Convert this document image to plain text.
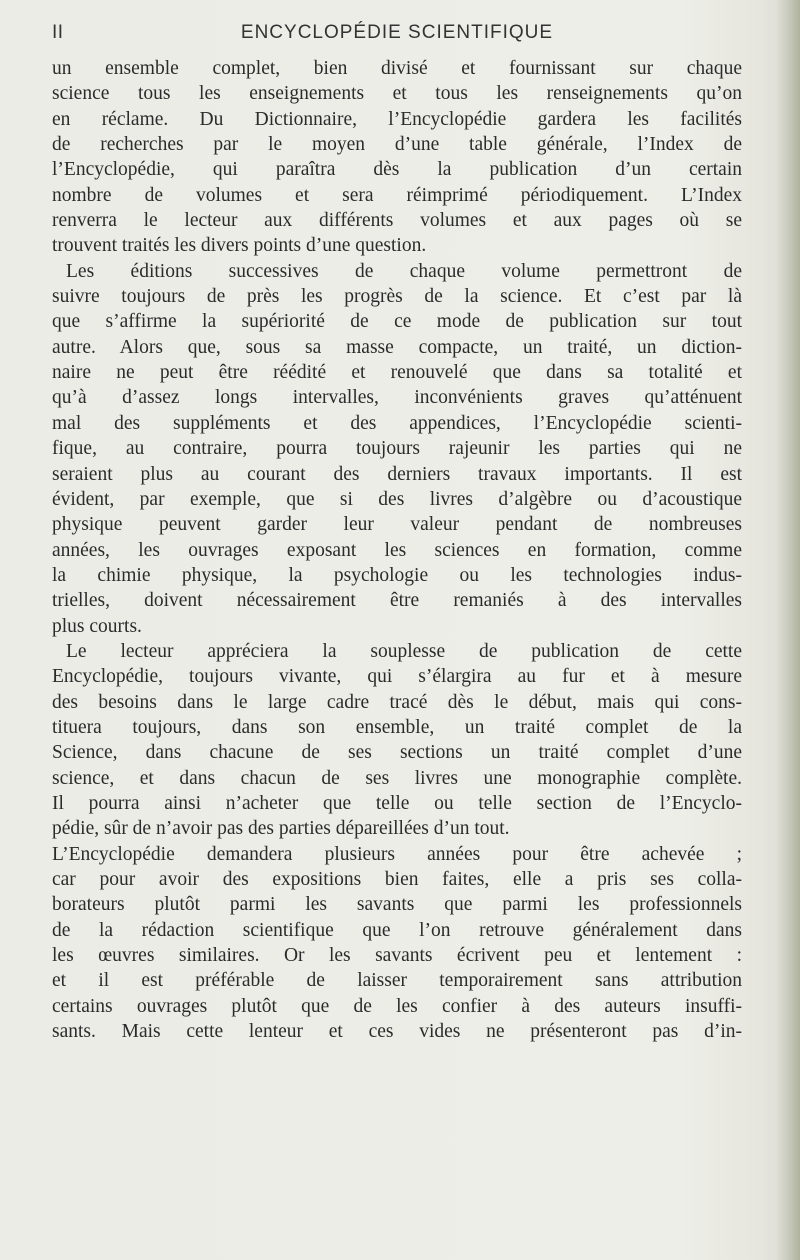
II	ENCYCLOPÉDIE SCIENTIFIQUE
un ensemble complet, bien divisé et fournissant sur chaque
science tous les enseignements et tous les renseignements qu’on
en réclame. Du Dictionnaire, l’Encyclopédie gardera les facilités
de recherches par le moyen d’une table générale, l’Index de
l’Encyclopédie, qui paraîtra dès la publication d’un certain
nombre de volumes et sera réimprimé périodiquement. L’Index
renverra le lecteur aux différents volumes et aux pages où se
trouvent traités les divers points d’une question.
Les éditions successives de chaque volume permettront de
suivre toujours de près les progrès de la science. Et c’est par là
que s’affirme la supériorité de ce mode de publication sur tout
autre. Alors que, sous sa masse compacte, un traité, un diction-
naire ne peut être réédité et renouvelé que dans sa totalité et
qu’à d’assez longs intervalles, inconvénients graves qu’atténuent
mal des suppléments et des appendices, l’Encyclopédie scienti-
fique, au contraire, pourra toujours rajeunir les parties qui ne
seraient plus au courant des derniers travaux importants. Il est
évident, par exemple, que si des livres d’algèbre ou d’acoustique
physique peuvent garder leur valeur pendant de nombreuses
années, les ouvrages exposant les sciences en formation, comme
la chimie physique, la psychologie ou les technologies indus-
trielles, doivent nécessairement être remaniés à des intervalles
plus courts.
Le lecteur appréciera la souplesse de publication de cette
Encyclopédie, toujours vivante, qui s’élargira au fur et à mesure
des besoins dans le large cadre tracé dès le début, mais qui cons-
tituera toujours, dans son ensemble, un traité complet de la
Science, dans chacune de ses sections un traité complet d’une
science, et dans chacun de ses livres une monographie complète.
Il pourra ainsi n’acheter que telle ou telle section de l’Encyclo-
pédie, sûr de n’avoir pas des parties dépareillées d’un tout.
L’Encyclopédie demandera plusieurs années pour être achevée ;
car pour avoir des expositions bien faites, elle a pris ses colla-
borateurs plutôt parmi les savants que parmi les professionnels
de la rédaction scientifique que l’on retrouve généralement dans
les œuvres similaires. Or les savants écrivent peu et lentement :
et il est préférable de laisser temporairement sans attribution
certains ouvrages plutôt que de les confier à des auteurs insuffi-
sants. Mais cette lenteur et ces vides ne présenteront pas d’in-
